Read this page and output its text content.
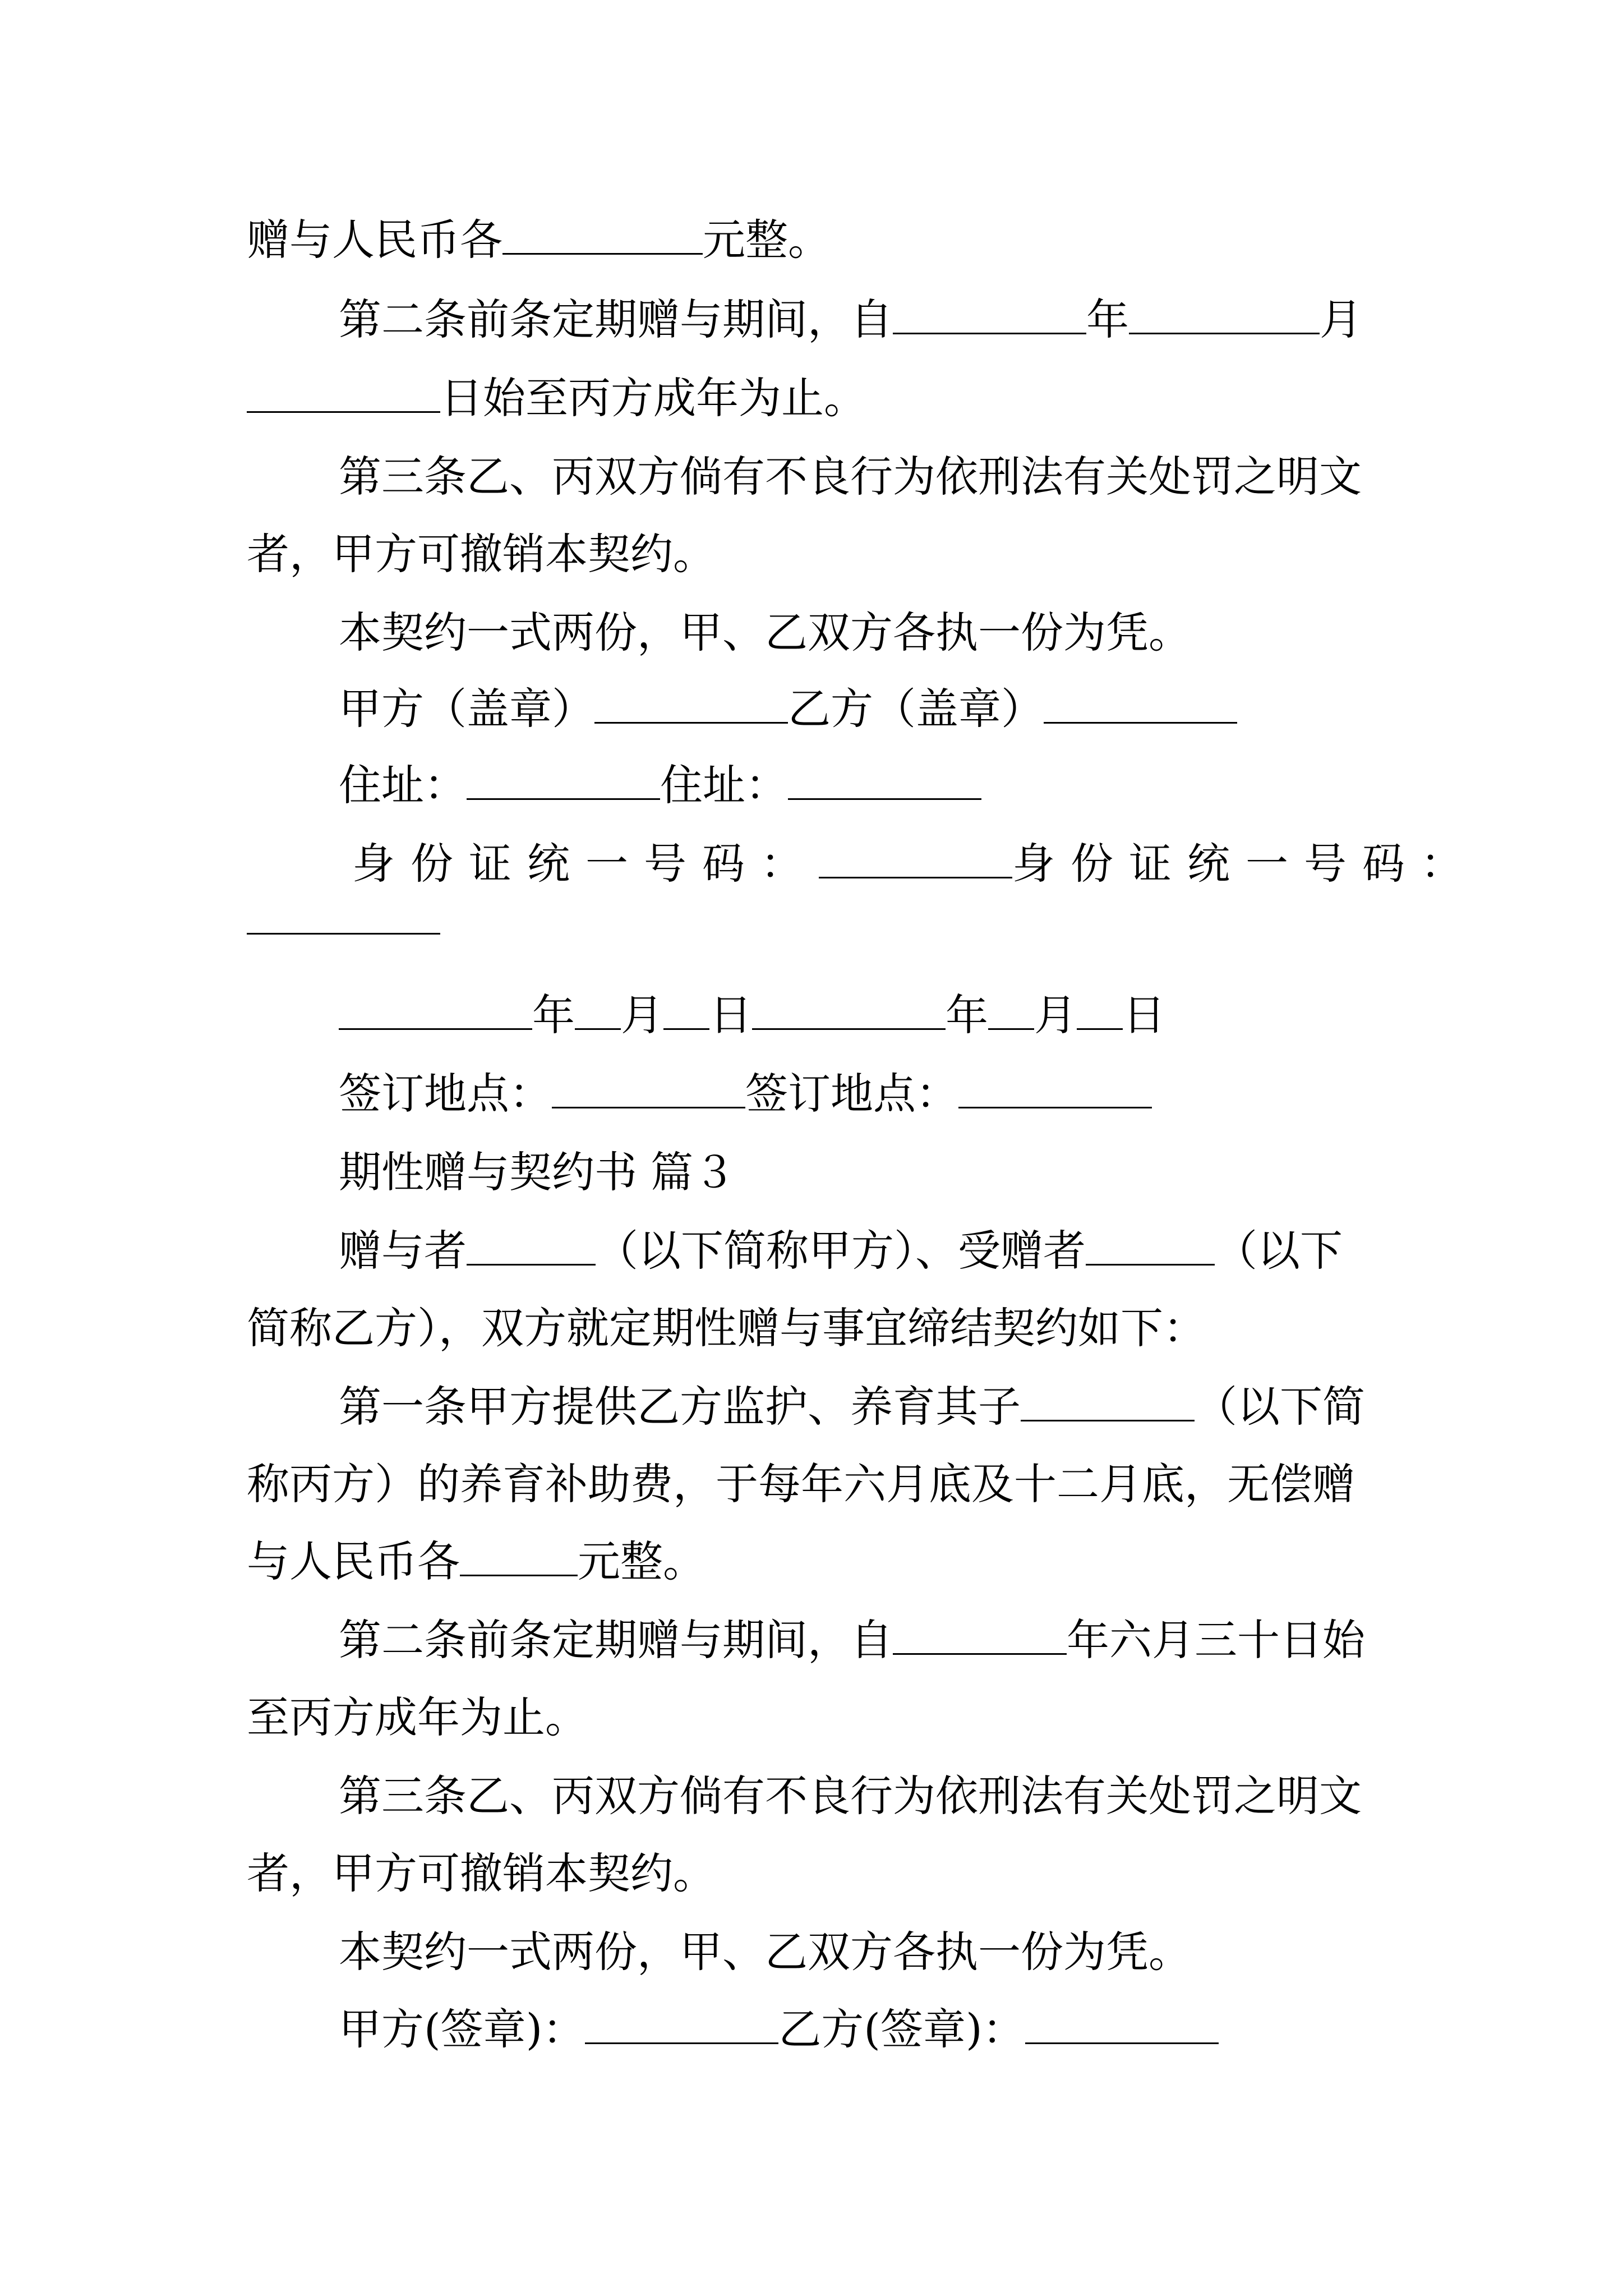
赠与人民币各	元整。

第二条前条定期赠与期间，自	年	月

日始至丙方成年为止。

第三条乙、丙双方倘有不良行为依刑法有关处罚之明文

者，甲方可撤销本契约。

本契约一式两份，甲、乙双方各执一份为凭。

甲方（盖章）	乙方（盖章）

住址：	住址：

身份证统一号码：	身份证统一号码：

年 月 日	年 月 日

签订地点：	签订地点：

期性赠与契约书 篇３

赠与者	（以下简称甲方）、受赠者	（以下

简称乙方），双方就定期性赠与事宜缔结契约如下：

第一条甲方提供乙方监护、养育其子	（以下简

称丙方）的养育补助费，于每年六月底及十二月底，无偿赠

与人民币各	元整。

第二条前条定期赠与期间，自	年六月三十日始

至丙方成年为止。

第三条乙、丙双方倘有不良行为依刑法有关处罚之明文

者，甲方可撤销本契约。

本契约一式两份，甲、乙双方各执一份为凭。

甲方(签章)：	乙方(签章)：
